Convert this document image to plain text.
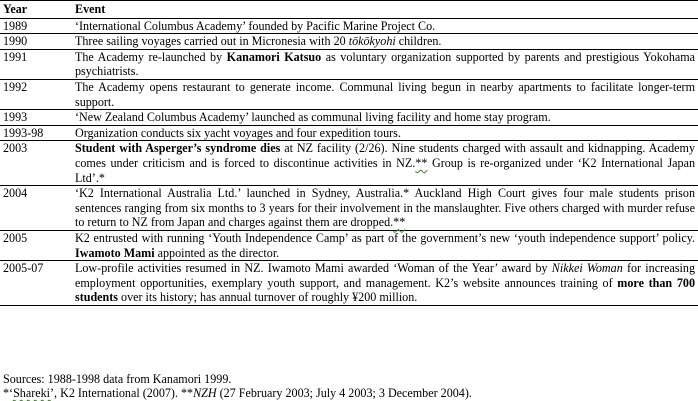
Year	Event
1989	‘International Columbus Academy’ founded by Pacific Marine Project Co.
1990	Three sailing voyages carried out in Micronesia with 20 tōkōkyohi children.
1991	The Academy re-launched by Kanamori Katsuo as voluntary organization supported by parents and prestigious Yokohama psychiatrists.
1992	The Academy opens restaurant to generate income. Communal living begun in nearby apartments to facilitate longer-term support.
1993	‘New Zealand Columbus Academy’ launched as communal living facility and home stay program.
1993-98	Organization conducts six yacht voyages and four expedition tours.
2003	Student with Asperger’s syndrome dies at NZ facility (2/26). Nine students charged with assault and kidnapping. Academy comes under criticism and is forced to discontinue activities in NZ.** Group is re-organized under ‘K2 International Japan Ltd’.*
2004	‘K2 International Australia Ltd.’ launched in Sydney, Australia.* Auckland High Court gives four male students prison sentences ranging from six months to 3 years for their involvement in the manslaughter. Five others charged with murder refuse to return to NZ from Japan and charges against them are dropped.**
2005	K2 entrusted with running ‘Youth Independence Camp’ as part of the government’s new ‘youth independence support’ policy. Iwamoto Mami appointed as the director.
2005-07	Low-profile activities resumed in NZ. Iwamoto Mami awarded ‘Woman of the Year’ award by Nikkei Woman for increasing employment opportunities, exemplary youth support, and management. K2’s website announces training of more than 700 students over its history; has annual turnover of roughly ¥200 million.
Sources: 1988-1998 data from Kanamori 1999.
*‘Shareki’, K2 International (2007). **NZH (27 February 2003; July 4 2003; 3 December 2004).
